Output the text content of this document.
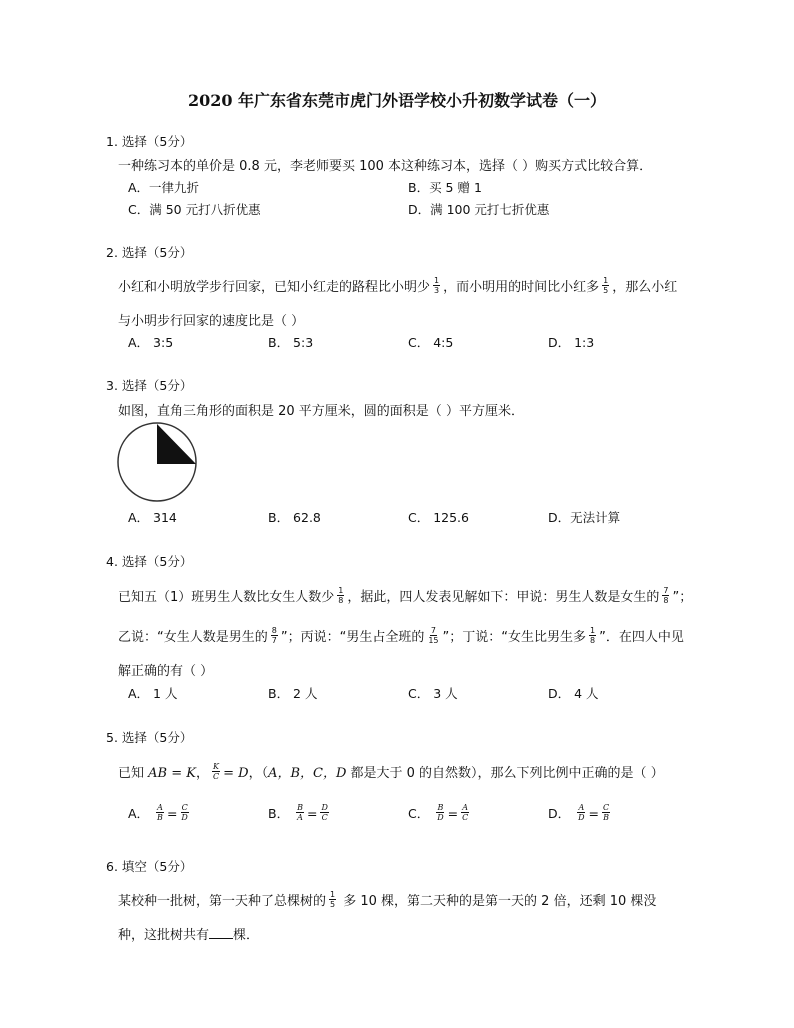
2020 年广东省东莞市虎门外语学校小升初数学试卷（一）
1. 选择（5分）
一种练习本的单价是 0.8 元，李老师要买 100 本这种练习本，选择（ ）购买方式比较合算．
A．一律九折	B．买 5 赠 1
C．满 50 元打八折优惠	D．满 100 元打七折优惠
2. 选择（5分）
小红和小明放学步行回家，已知小红走的路程比小明少 $\frac{1}{3}$ ，而小明用的时间比小红多 $\frac{1}{5}$ ，那么小红
与小明步行回家的速度比是（ ）
A． 3:5	B． 5:3	C． 4:5	D． 1:3
3. 选择（5分）
如图，直角三角形的面积是 20 平方厘米，圆的面积是（ ）平方厘米．
A． 314	B． 62.8	C． 125.6	D．无法计算
4. 选择（5分）
已知五（1）班男生人数比女生人数少 $\frac{1}{8}$ ，据此，四人发表见解如下：甲说：男生人数是女生的 $\frac{7}{8}$ ”；
乙说：“女生人数是男生的 $\frac{8}{7}$ ”；丙说：“男生占全班的 $\frac{7}{15}$ ”；丁说：“女生比男生多 $\frac{1}{8}$ ”．在四人中见
解正确的有（ ）
A． 1 人	B． 2 人	C． 3 人	D． 4 人
5. 选择（5分）
已知 AB = K， $\frac{K}{C} = D$，（A，B，C，D 都是大于 0 的自然数），那么下列比例中正确的是（ ）
A． $\frac{A}{B} = \frac{C}{D}$	B． $\frac{B}{A} = \frac{D}{C}$	C． $\frac{B}{D} = \frac{A}{C}$	D． $\frac{A}{D} = \frac{C}{B}$
6. 填空（5分）
某校种一批树，第一天种了总棵树的 $\frac{1}{5}$ 多 10 棵，第二天种的是第一天的 2 倍，还剩 10 棵没
种，这批树共有 棵．
